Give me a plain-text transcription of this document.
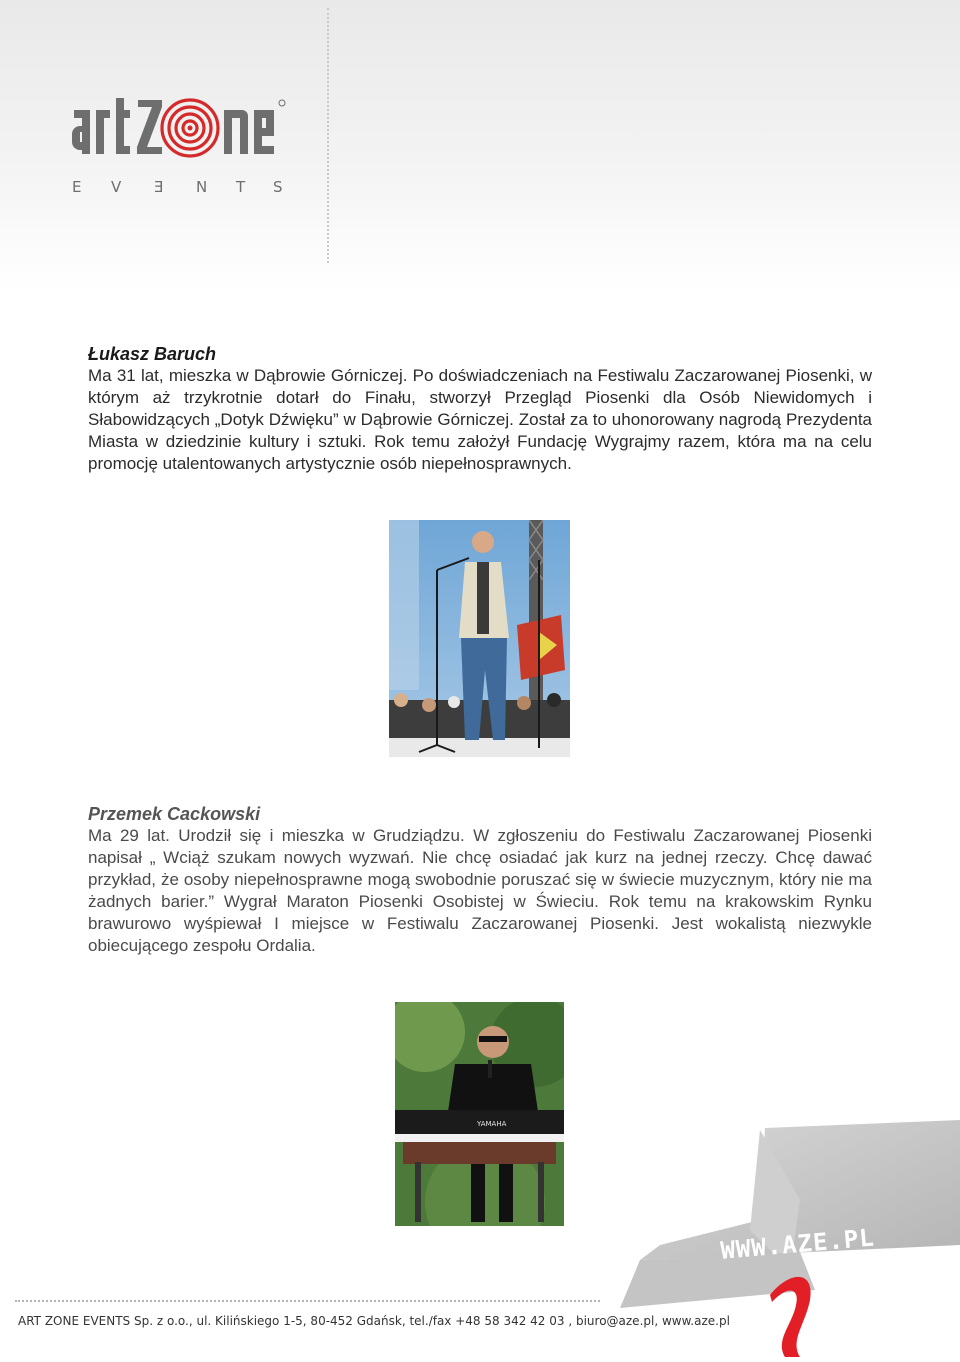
E V Ǝ N T S

Łukasz Baruch

Ma 31 lat, mieszka w Dąbrowie Górniczej. Po doświadczeniach na Festiwalu Zaczarowanej Piosenki, w którym aż trzykrotnie dotarł do Finału, stworzył Przegląd Piosenki dla Osób Niewidomych i Słabowidzących „Dotyk Dźwięku” w Dąbrowie Górniczej. Został za to uhonorowany nagrodą Prezydenta Miasta w dziedzinie kultury i sztuki. Rok temu założył Fundację Wygrajmy razem, która ma na celu promocję utalentowanych artystycznie osób niepełnosprawnych.

Przemek Cackowski

Ma 29 lat. Urodził się i mieszka w Grudziądzu. W zgłoszeniu do Festiwalu Zaczarowanej Piosenki napisał „ Wciąż szukam nowych wyzwań. Nie chcę osiadać jak kurz na jednej rzeczy. Chcę dawać przykład, że osoby niepełnosprawne mogą swobodnie poruszać się w świecie muzycznym, który nie ma żadnych barier.” Wygrał Maraton Piosenki Osobistej w Świeciu. Rok temu na krakowskim Rynku brawurowo wyśpiewał I miejsce w Festiwalu Zaczarowanej Piosenki. Jest wokalistą niezwykle obiecującego zespołu Ordalia.

YAMAHA
WWW.AZE.PL
ART ZONE EVENTS Sp. z o.o., ul. Kilińskiego 1-5, 80-452 Gdańsk, tel./fax +48 58 342 42 03 , biuro@aze.pl, www.aze.pl
